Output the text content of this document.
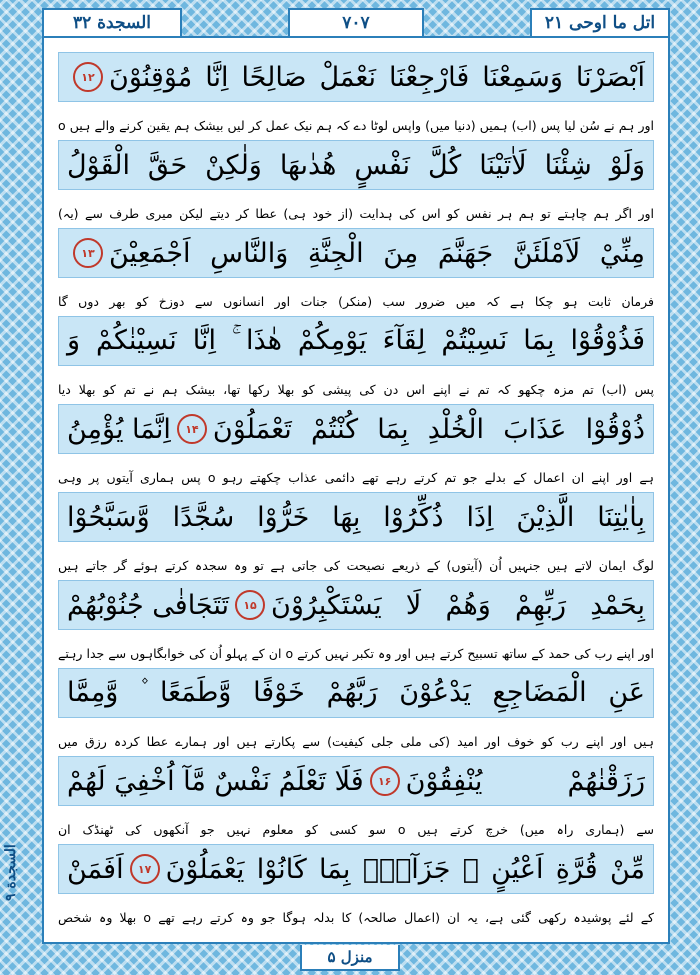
السجدة ۳۲	۷۰۷	اتل ما اوحی ۲۱
السجدة ۹
اَبْصَرْنَا وَسَمِعْنَا فَارْجِعْنَا نَعْمَلْ صَالِحًا اِنَّا مُوْقِنُوْنَ
۱۲
اور ہم نے سُن لیا پس (اب) ہمیں (دنیا میں) واپس لوٹا دے کہ ہم نیک عمل کر لیں بیشک ہم یقین کرنے والے ہیں o
وَلَوْ شِئْنَا لَاٰتَيْنَا كُلَّ نَفْسٍ هُدٰىهَا وَلٰكِنْ حَقَّ الْقَوْلُ
اور اگر ہم چاہتے تو ہم ہر نفس کو اس کی ہدایت (از خود ہی) عطا کر دیتے لیکن میری طرف سے (یہ)
مِنِّيْ لَاَمْلَئَنَّ جَهَنَّمَ مِنَ الْجِنَّةِ وَالنَّاسِ اَجْمَعِيْنَ
۱۳
فرمان ثابت ہو چکا ہے کہ میں ضرور سب (منکر) جنات اور انسانوں سے دوزخ کو بھر دوں گا
فَذُوْقُوْا بِمَا نَسِيْتُمْ لِقَآءَ يَوْمِكُمْ هٰذَا ۚ اِنَّا نَسِيْنٰكُمْ وَ
پس (اب) تم مزہ چکھو کہ تم نے اپنے اس دن کی پیشی کو بھلا رکھا تھا، بیشک ہم نے تم کو بھلا دیا
ذُوْقُوْا عَذَابَ الْخُلْدِ بِمَا كُنْتُمْ تَعْمَلُوْنَ
۱۴
اِنَّمَا يُؤْمِنُ
ہے اور اپنے ان اعمال کے بدلے جو تم کرتے رہے تھے دائمی عذاب چکھتے رہو o پس ہماری آیتوں پر وہی
بِاٰيٰتِنَا الَّذِيْنَ اِذَا ذُكِّرُوْا بِهَا خَرُّوْا سُجَّدًا وَّسَبَّحُوْا
لوگ ایمان لاتے ہیں جنہیں اُن (آیتوں) کے ذریعے نصیحت کی جاتی ہے تو وہ سجدہ کرتے ہوئے گر جاتے ہیں
بِحَمْدِ رَبِّهِمْ وَهُمْ لَا يَسْتَكْبِرُوْنَ
۱۵
تَتَجَافٰى جُنُوْبُهُمْ
اور اپنے رب کی حمد کے ساتھ تسبیح کرتے ہیں اور وہ تکبر نہیں کرتے o ان کے پہلو اُن کی خوابگاہوں سے جدا رہتے
عَنِ الْمَضَاجِعِ يَدْعُوْنَ رَبَّهُمْ خَوْفًا وَّطَمَعًا ۫ وَّمِمَّا
ہیں اور اپنے رب کو خوف اور امید (کی ملی جلی کیفیت) سے پکارتے ہیں اور ہمارے عطا کردہ رزق میں
رَزَقْنٰهُمْ يُنْفِقُوْنَ
۱۶
فَلَا تَعْلَمُ نَفْسٌ مَّآ اُخْفِيَ لَهُمْ
سے (ہماری راہ میں) خرچ کرتے ہیں o سو کسی کو معلوم نہیں جو آنکھوں کی ٹھنڈک ان
مِّنْ قُرَّةِ اَعْيُنٍ ۚ جَزَآءًۢ بِمَا كَانُوْا يَعْمَلُوْنَ
۱۷
اَفَمَنْ
کے لئے پوشیدہ رکھی گئی ہے، یہ ان (اعمال صالحہ) کا بدلہ ہوگا جو وہ کرتے رہے تھے o بھلا وہ شخص
منزل ۵
